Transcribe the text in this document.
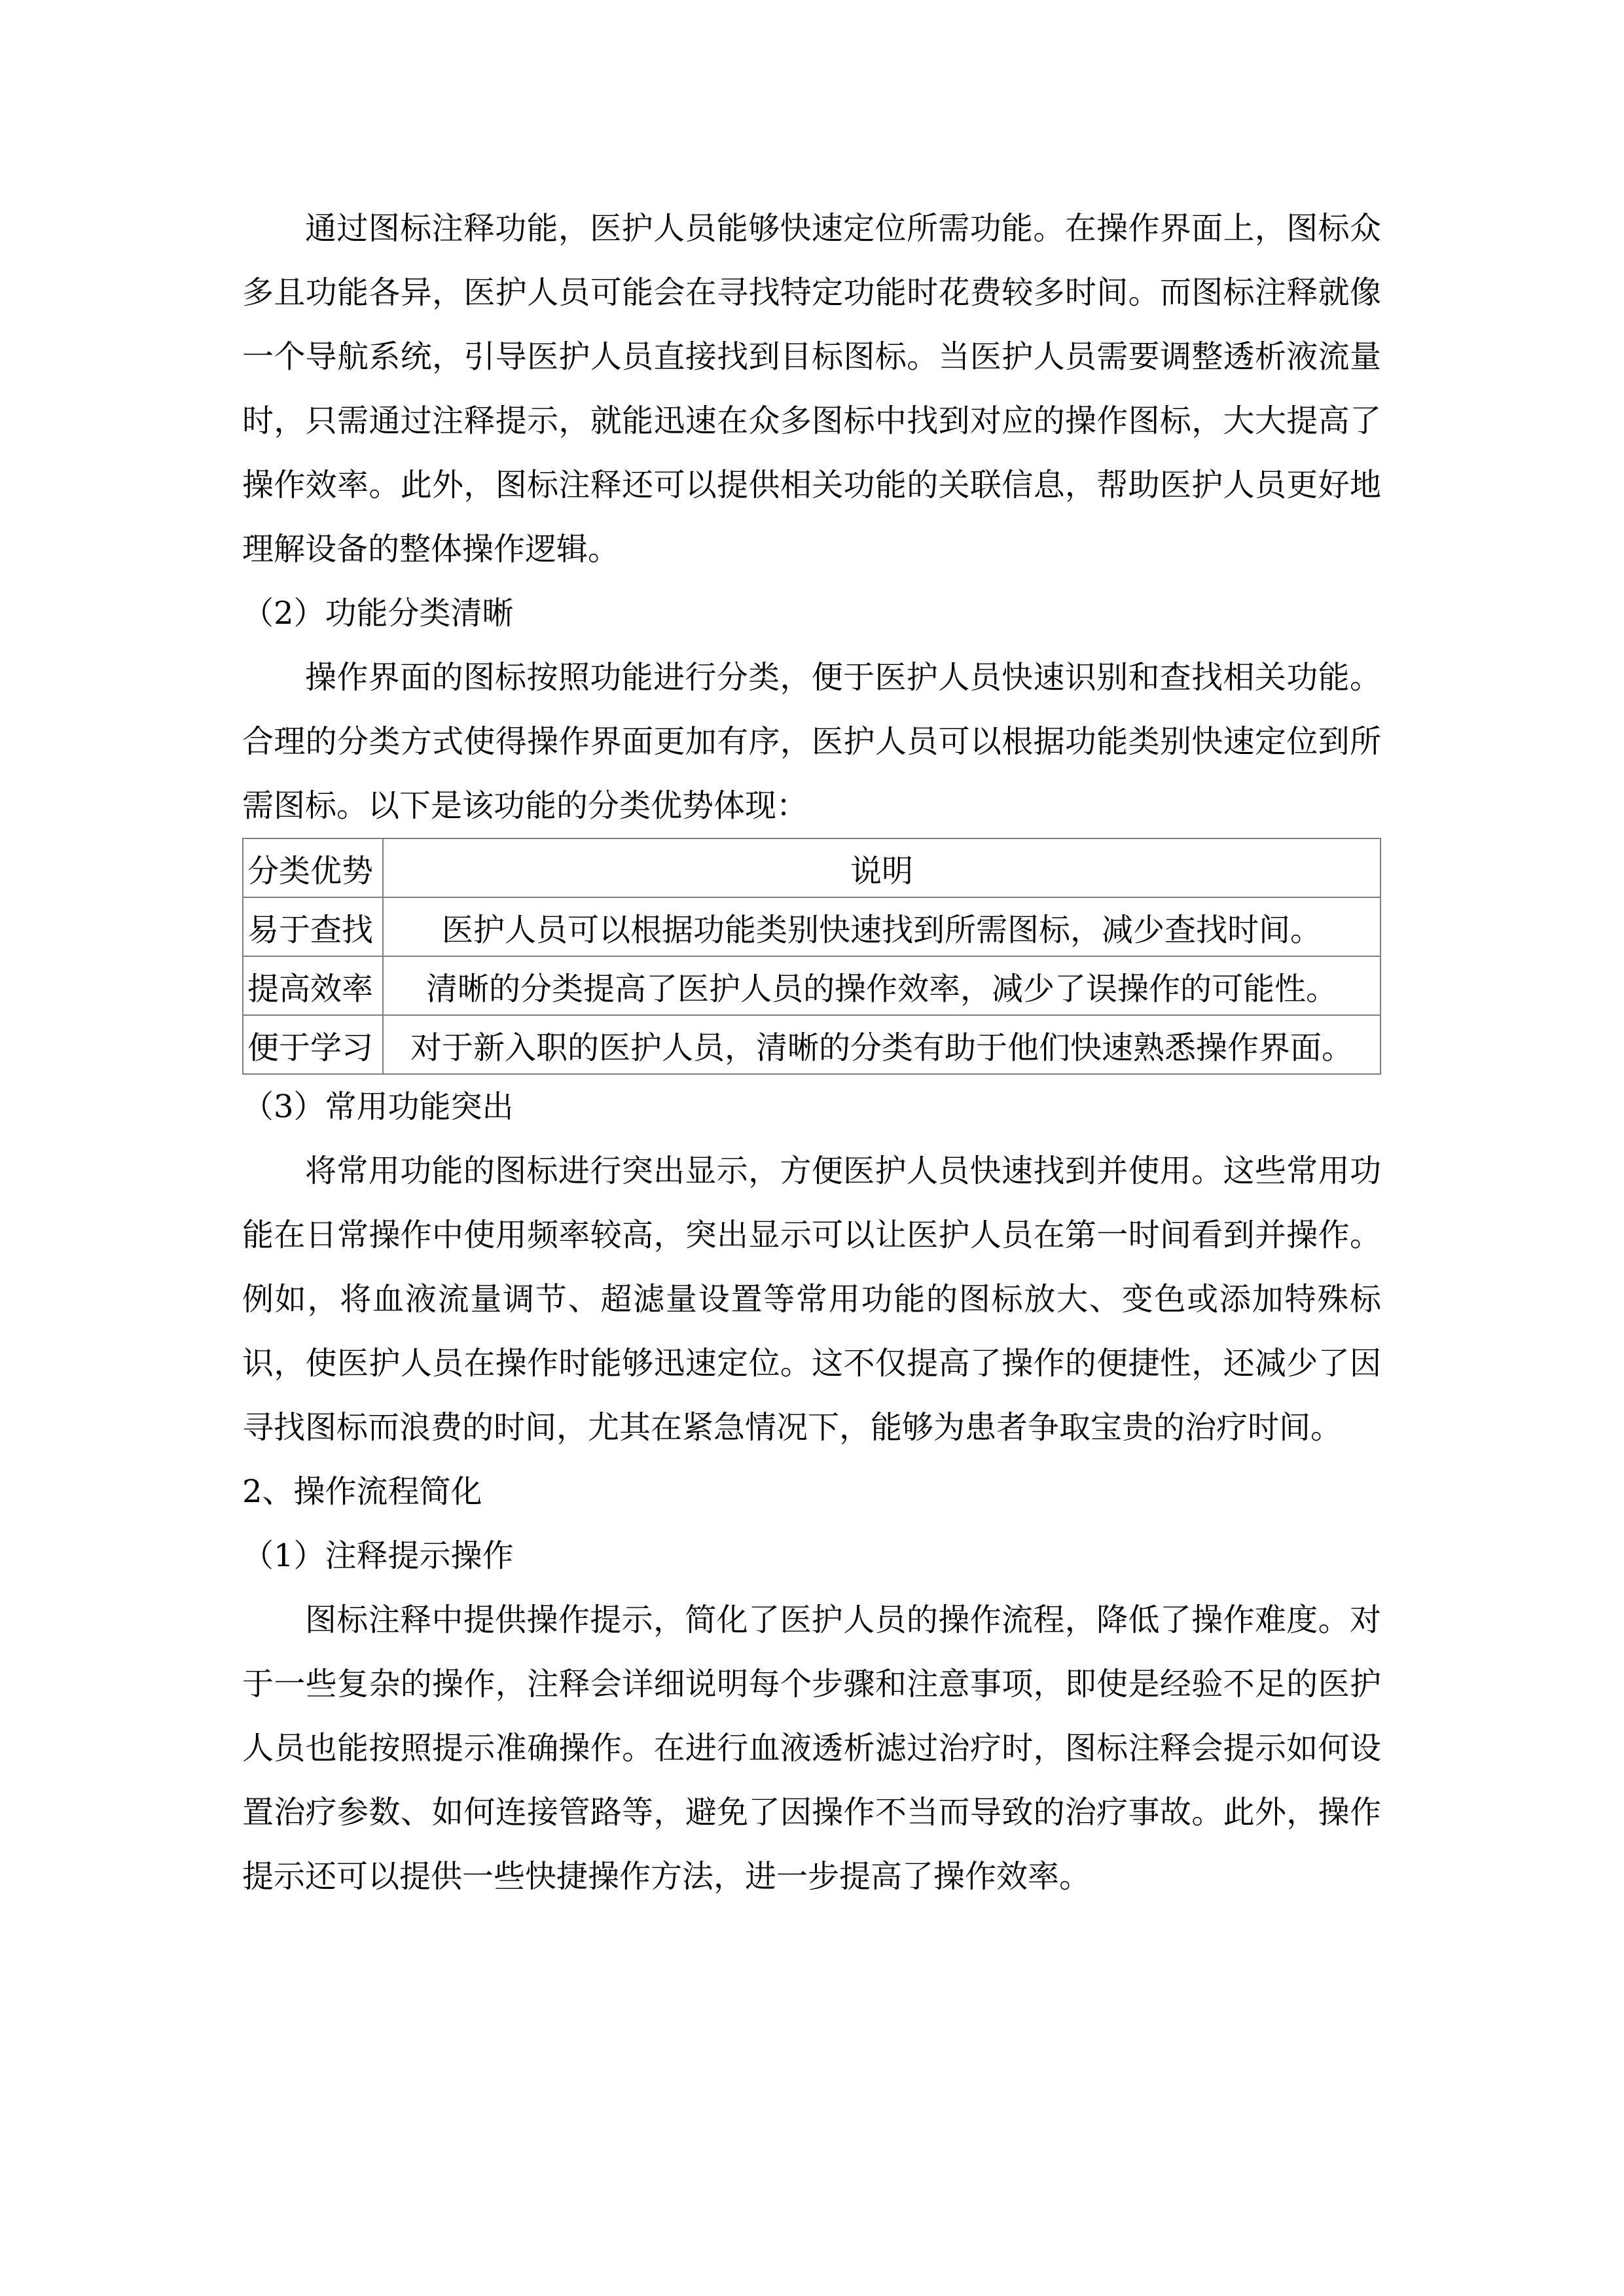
通过图标注释功能，医护人员能够快速定位所需功能。在操作界面上，图标众多且功能各异，医护人员可能会在寻找特定功能时花费较多时间。而图标注释就像一个导航系统，引导医护人员直接找到目标图标。当医护人员需要调整透析液流量时，只需通过注释提示，就能迅速在众多图标中找到对应的操作图标，大大提高了操作效率。此外，图标注释还可以提供相关功能的关联信息，帮助医护人员更好地理解设备的整体操作逻辑。

（2）功能分类清晰

操作界面的图标按照功能进行分类，便于医护人员快速识别和查找相关功能。合理的分类方式使得操作界面更加有序，医护人员可以根据功能类别快速定位到所需图标。以下是该功能的分类优势体现：

分类优势	说明
易于查找	医护人员可以根据功能类别快速找到所需图标，减少查找时间。
提高效率	清晰的分类提高了医护人员的操作效率，减少了误操作的可能性。
便于学习	对于新入职的医护人员，清晰的分类有助于他们快速熟悉操作界面。

（3）常用功能突出

将常用功能的图标进行突出显示，方便医护人员快速找到并使用。这些常用功能在日常操作中使用频率较高，突出显示可以让医护人员在第一时间看到并操作。例如，将血液流量调节、超滤量设置等常用功能的图标放大、变色或添加特殊标识，使医护人员在操作时能够迅速定位。这不仅提高了操作的便捷性，还减少了因寻找图标而浪费的时间，尤其在紧急情况下，能够为患者争取宝贵的治疗时间。

2、操作流程简化

（1）注释提示操作

图标注释中提供操作提示，简化了医护人员的操作流程，降低了操作难度。对于一些复杂的操作，注释会详细说明每个步骤和注意事项，即使是经验不足的医护人员也能按照提示准确操作。在进行血液透析滤过治疗时，图标注释会提示如何设置治疗参数、如何连接管路等，避免了因操作不当而导致的治疗事故。此外，操作提示还可以提供一些快捷操作方法，进一步提高了操作效率。
